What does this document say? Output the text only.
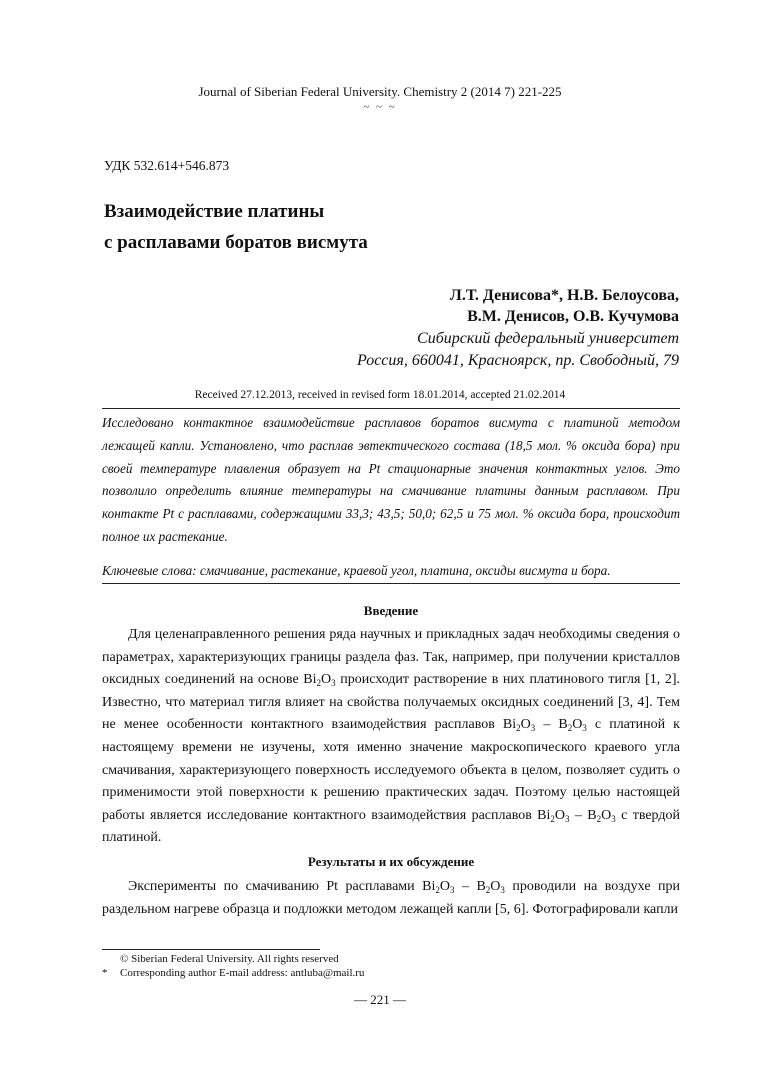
Journal of Siberian Federal University. Chemistry 2 (2014 7) 221-225
~ ~ ~
УДК 532.614+546.873
Взаимодействие платины
с расплавами боратов висмута
Л.Т. Денисова*, Н.В. Белоусова,
В.М. Денисов, О.В. Кучумова
Сибирский федеральный университет
Россия, 660041, Красноярск, пр. Свободный, 79
Received 27.12.2013, received in revised form 18.01.2014, accepted 21.02.2014
Исследовано контактное взаимодействие расплавов боратов висмута с платиной методом лежащей капли. Установлено, что расплав эвтектического состава (18,5 мол. % оксида бора) при своей температуре плавления образует на Pt стационарные значения контактных углов. Это позволило определить влияние температуры на смачивание платины данным расплавом. При контакте Pt с расплавами, содержащими 33,3; 43,5; 50,0; 62,5 и 75 мол. % оксида бора, происходит полное их растекание.
Ключевые слова: смачивание, растекание, краевой угол, платина, оксиды висмута и бора.
Введение
Для целенаправленного решения ряда научных и прикладных задач необходимы сведения о параметрах, характеризующих границы раздела фаз. Так, например, при получении кристаллов оксидных соединений на основе $Bi_2O_3$ происходит растворение в них платинового тигля [1, 2]. Известно, что материал тигля влияет на свойства получаемых оксидных соединений [3, 4]. Тем не менее особенности контактного взаимодействия расплавов $Bi_2O_3 - B_2O_3$ с платиной к настоящему времени не изучены, хотя именно значение макроскопического краевого угла смачивания, характеризующего поверхность исследуемого объекта в целом, позволяет судить о применимости этой поверхности к решению практических задач. Поэтому целью настоящей работы является исследование контактного взаимодействия расплавов $Bi_2O_3 - B_2O_3$ с твердой платиной.
Результаты и их обсуждение
Эксперименты по смачиванию Pt расплавами $Bi_2O_3 - B_2O_3$ проводили на воздухе при раздельном нагреве образца и подложки методом лежащей капли [5, 6]. Фотографировали капли
© Siberian Federal University. All rights reserved
* Corresponding author E-mail address: antluba@mail.ru
— 221 —
